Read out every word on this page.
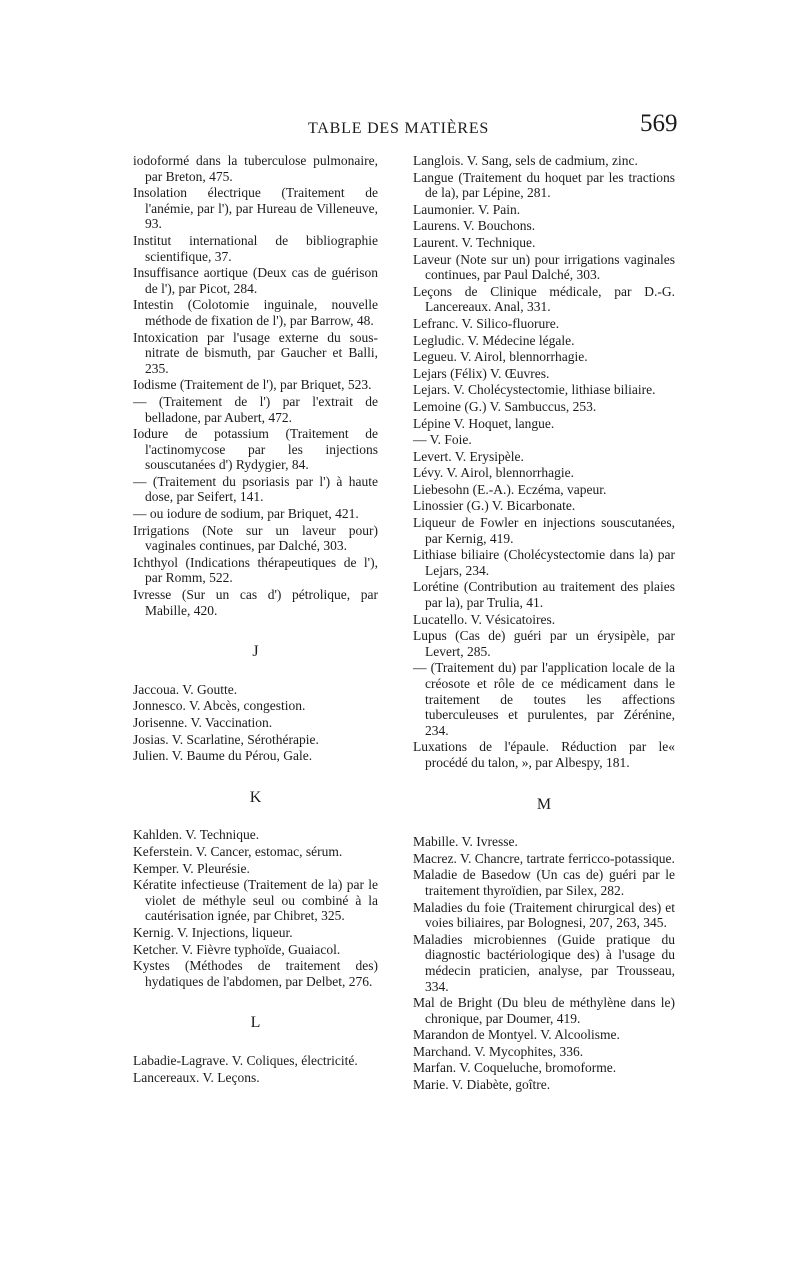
TABLE DES MATIÈRES	569
iodoformé dans la tuberculose pulmonaire, par Breton, 475.
Insolation électrique (Traitement de l'anémie, par l'), par Hureau de Villeneuve, 93.
Institut international de bibliographie scientifique, 37.
Insuffisance aortique (Deux cas de guérison de l'), par Picot, 284.
Intestin (Colotomie inguinale, nouvelle méthode de fixation de l'), par Barrow, 48.
Intoxication par l'usage externe du sous-nitrate de bismuth, par Gaucher et Balli, 235.
Iodisme (Traitement de l'), par Briquet, 523.
— (Traitement de l') par l'extrait de belladone, par Aubert, 472.
Iodure de potassium (Traitement de l'actinomycose par les injections souscutanées d') Rydygier, 84.
— (Traitement du psoriasis par l') à haute dose, par Seifert, 141.
— ou iodure de sodium, par Briquet, 421.
Irrigations (Note sur un laveur pour) vaginales continues, par Dalché, 303.
Ichthyol (Indications thérapeutiques de l'), par Romm, 522.
Ivresse (Sur un cas d') pétrolique, par Mabille, 420.
J
Jaccoua. V. Goutte.
Jonnesco. V. Abcès, congestion.
Jorisenne. V. Vaccination.
Josias. V. Scarlatine, Sérothérapie.
Julien. V. Baume du Pérou, Gale.
K
Kahlden. V. Technique.
Keferstein. V. Cancer, estomac, sérum.
Kemper. V. Pleurésie.
Kératite infectieuse (Traitement de la) par le violet de méthyle seul ou combiné à la cautérisation ignée, par Chibret, 325.
Kernig. V. Injections, liqueur.
Ketcher. V. Fièvre typhoïde, Guaiacol.
Kystes (Méthodes de traitement des) hydatiques de l'abdomen, par Delbet, 276.
L
Labadie-Lagrave. V. Coliques, électricité.
Lancereaux. V. Leçons.
Langlois. V. Sang, sels de cadmium, zinc.
Langue (Traitement du hoquet par les tractions de la), par Lépine, 281.
Laumonier. V. Pain.
Laurens. V. Bouchons.
Laurent. V. Technique.
Laveur (Note sur un) pour irrigations vaginales continues, par Paul Dalché, 303.
Leçons de Clinique médicale, par D.-G. Lancereaux. Anal, 331.
Lefranc. V. Silico-fluorure.
Legludic. V. Médecine légale.
Legueu. V. Airol, blennorrhagie.
Lejars (Félix) V. Œuvres.
Lejars. V. Cholécystectomie, lithiase biliaire.
Lemoine (G.) V. Sambuccus, 253.
Lépine V. Hoquet, langue.
— V. Foie.
Levert. V. Erysipèle.
Lévy. V. Airol, blennorrhagie.
Liebesohn (E.-A.). Eczéma, vapeur.
Linossier (G.) V. Bicarbonate.
Liqueur de Fowler en injections souscutanées, par Kernig, 419.
Lithiase biliaire (Cholécystectomie dans la) par Lejars, 234.
Lorétine (Contribution au traitement des plaies par la), par Trulia, 41.
Lucatello. V. Vésicatoires.
Lupus (Cas de) guéri par un érysipèle, par Levert, 285.
— (Traitement du) par l'application locale de la créosote et rôle de ce médicament dans le traitement de toutes les affections tuberculeuses et purulentes, par Zérénine, 234.
Luxations de l'épaule. Réduction par le« procédé du talon, », par Albespy, 181.
M
Mabille. V. Ivresse.
Macrez. V. Chancre, tartrate ferricco-potassique.
Maladie de Basedow (Un cas de) guéri par le traitement thyroïdien, par Silex, 282.
Maladies du foie (Traitement chirurgical des) et voies biliaires, par Bolognesi, 207, 263, 345.
Maladies microbiennes (Guide pratique du diagnostic bactériologique des) à l'usage du médecin praticien, analyse, par Trousseau, 334.
Mal de Bright (Du bleu de méthylène dans le) chronique, par Doumer, 419.
Marandon de Montyel. V. Alcoolisme.
Marchand. V. Mycophites, 336.
Marfan. V. Coqueluche, bromoforme.
Marie. V. Diabète, goître.
